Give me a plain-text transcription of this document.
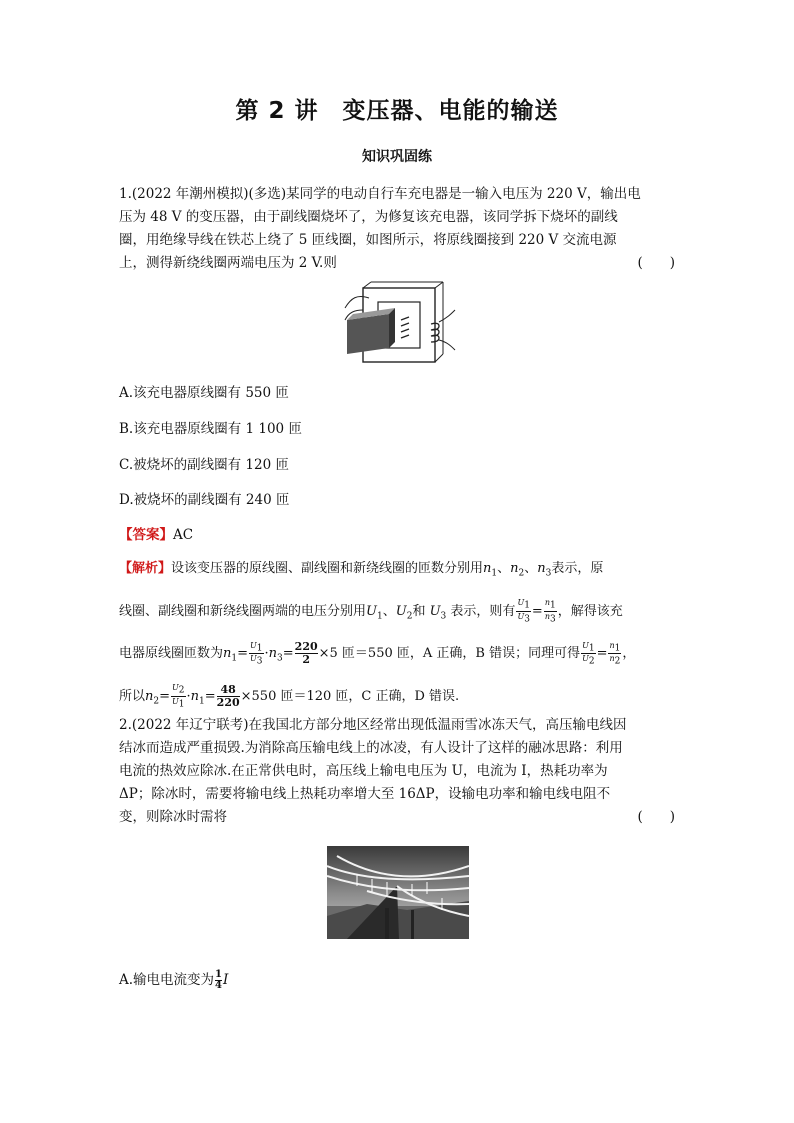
第 2 讲　变压器、电能的输送
知识巩固练
1.(2022 年潮州模拟)(多选)某同学的电动自行车充电器是一输入电压为 220 V，输出电
压为 48 V 的变压器，由于副线圈烧坏了，为修复该充电器，该同学拆下烧坏的副线
圈，用绝缘导线在铁芯上绕了 5 匝线圈，如图所示，将原线圈接到 220 V 交流电源
上，测得新绕线圈两端电压为 2 V.则	(　　)
A.该充电器原线圈有 550 匝
B.该充电器原线圈有 1 100 匝
C.被烧坏的副线圈有 120 匝
D.被烧坏的副线圈有 240 匝
【答案】AC
【解析】设该变压器的原线圈、副线圈和新绕线圈的匝数分别用$n_1$、$n_2$、$n_3$表示，原
线圈、副线圈和新绕线圈两端的电压分别用$U_1$、$U_2$和 $U_3$ 表示，则有 $\frac{U_1}{U_3} = \frac{n_1}{n_3}$ ，解得该充
电器原线圈匝数为$n_1= \frac{U_1}{U_3} \cdot n_3= \frac{220}{2} \times 5$ 匝＝550 匝，A 正确，B 错误；同理可得 $\frac{U_1}{U_2} = \frac{n_1}{n_2}$ ，
所以$n_2= \frac{U_2}{U_1} \cdot n_1= \frac{48}{220} \times 550$ 匝＝120 匝，C 正确，D 错误.
2.(2022 年辽宁联考)在我国北方部分地区经常出现低温雨雪冰冻天气，高压输电线因
结冰而造成严重损毁.为消除高压输电线上的冰凌，有人设计了这样的融冰思路：利用
电流的热效应除冰.在正常供电时，高压线上输电电压为 U，电流为 I，热耗功率为
ΔP；除冰时，需要将输电线上热耗功率增大至 16ΔP，设输电功率和输电线电阻不
变，则除冰时需将	(　　)
A.输电电流变为 $\frac{1}{4}$ I
